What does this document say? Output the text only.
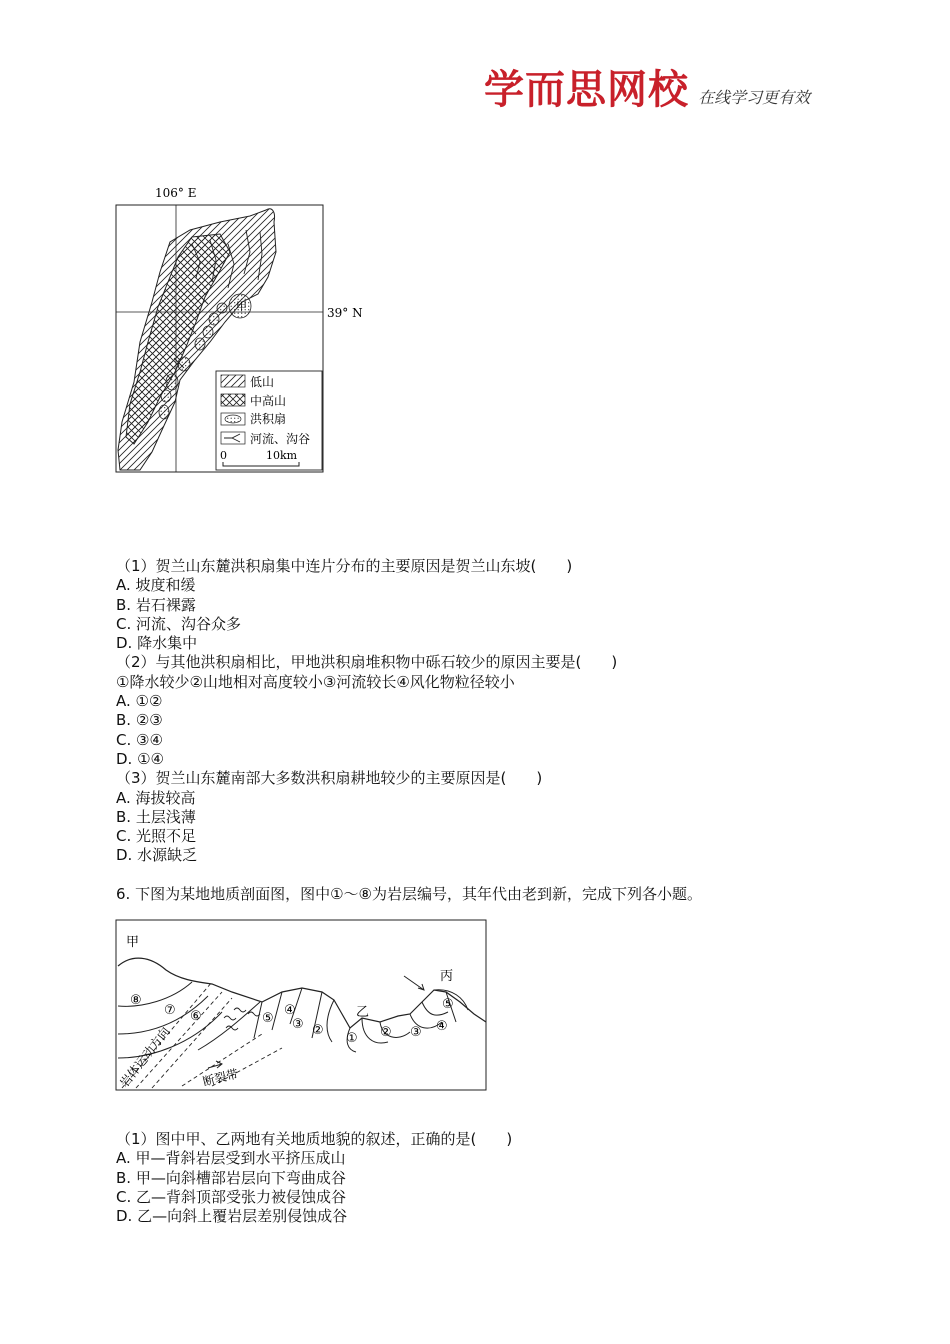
学而思网校 在线学习更有效
106° E
39° N
甲
低山
中高山
洪积扇
河流、沟谷
0	10km
（1）贺兰山东麓洪积扇集中连片分布的主要原因是贺兰山东坡(　　)
A. 坡度和缓
B. 岩石裸露
C. 河流、沟谷众多
D. 降水集中
（2）与其他洪积扇相比，甲地洪积扇堆积物中砾石较少的原因主要是(　　)
①降水较少②山地相对高度较小③河流较长④风化物粒径较小
A. ①②
B. ②③
C. ③④
D. ①④
（3）贺兰山东麓南部大多数洪积扇耕地较少的主要原因是(　　)
A. 海拔较高
B. 土层浅薄
C. 光照不足
D. 水源缺乏
6. 下图为某地地质剖面图，图中①～⑧为岩层编号，其年代由老到新，完成下列各小题。
甲
乙
丙
岩体运动方向 断裂带
⑧
⑦ ⑥	⑤
④
③ ②
① ② ③ ④
⑤
（1）图中甲、乙两地有关地质地貌的叙述，正确的是(　　)
A. 甲—背斜岩层受到水平挤压成山
B. 甲—向斜槽部岩层向下弯曲成谷
C. 乙—背斜顶部受张力被侵蚀成谷
D. 乙—向斜上覆岩层差别侵蚀成谷
